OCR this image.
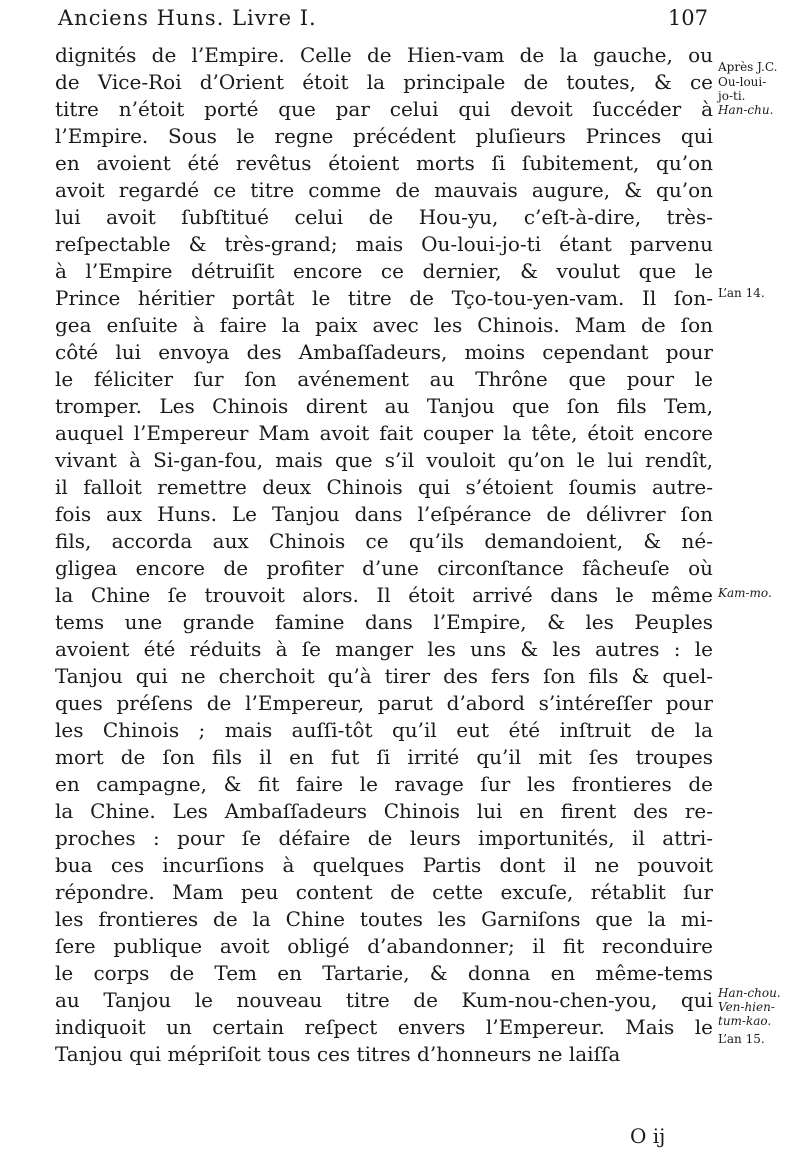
Anciens Huns. Livre I.	107
dignités de l’Empire. Celle de Hien-vam de la gauche, ou
de Vice-Roi d’Orient étoit la principale de toutes, & ce
titre n’étoit porté que par celui qui devoit ſuccéder à
l’Empire. Sous le regne précédent pluſieurs Princes qui
en avoient été revêtus étoient morts ſi ſubitement, qu’on
avoit regardé ce titre comme de mauvais augure, & qu’on
lui avoit ſubſtitué celui de Hou-yu, c’eſt-à-dire, très-
reſpectable & très-grand; mais Ou-loui-jo-ti étant parvenu
à l’Empire détruiſit encore ce dernier, & voulut que le
Prince héritier portât le titre de Tço-tou-yen-vam. Il ſon-
gea enſuite à faire la paix avec les Chinois. Mam de ſon
côté lui envoya des Ambaſſadeurs, moins cependant pour
le féliciter ſur ſon avénement au Thrône que pour le
tromper. Les Chinois dirent au Tanjou que ſon fils Tem,
auquel l’Empereur Mam avoit fait couper la tête, étoit encore
vivant à Si-gan-fou, mais que s’il vouloit qu’on le lui rendît,
il falloit remettre deux Chinois qui s’étoient ſoumis autre-
fois aux Huns. Le Tanjou dans l’eſpérance de délivrer ſon
fils, accorda aux Chinois ce qu’ils demandoient, & né-
gligea encore de profiter d’une circonſtance fâcheuſe où
la Chine ſe trouvoit alors. Il étoit arrivé dans le même
tems une grande famine dans l’Empire, & les Peuples
avoient été réduits à ſe manger les uns & les autres : le
Tanjou qui ne cherchoit qu’à tirer des fers ſon fils & quel-
ques préſens de l’Empereur, parut d’abord s’intéreſſer pour
les Chinois ; mais auſſi-tôt qu’il eut été inſtruit de la
mort de ſon fils il en fut ſi irrité qu’il mit ſes troupes
en campagne, & fit faire le ravage ſur les frontieres de
la Chine. Les Ambaſſadeurs Chinois lui en firent des re-
proches : pour ſe défaire de leurs importunités, il attri-
bua ces incurſions à quelques Partis dont il ne pouvoit
répondre. Mam peu content de cette excuſe, rétablit ſur
les frontieres de la Chine toutes les Garniſons que la mi-
ſere publique avoit obligé d’abandonner; il fit reconduire
le corps de Tem en Tartarie, & donna en même-tems
au Tanjou le nouveau titre de Kum-nou-chen-you, qui
indiquoit un certain reſpect envers l’Empereur. Mais le
Tanjou qui mépriſoit tous ces titres d’honneurs ne laiſſa
Après J.C.
Ou-loui-
jo-ti.
Han-chu.
L’an 14.
Kam-mo.
Han-chou.
Ven-hien-
tum-kao.
L’an 15.
O ij
